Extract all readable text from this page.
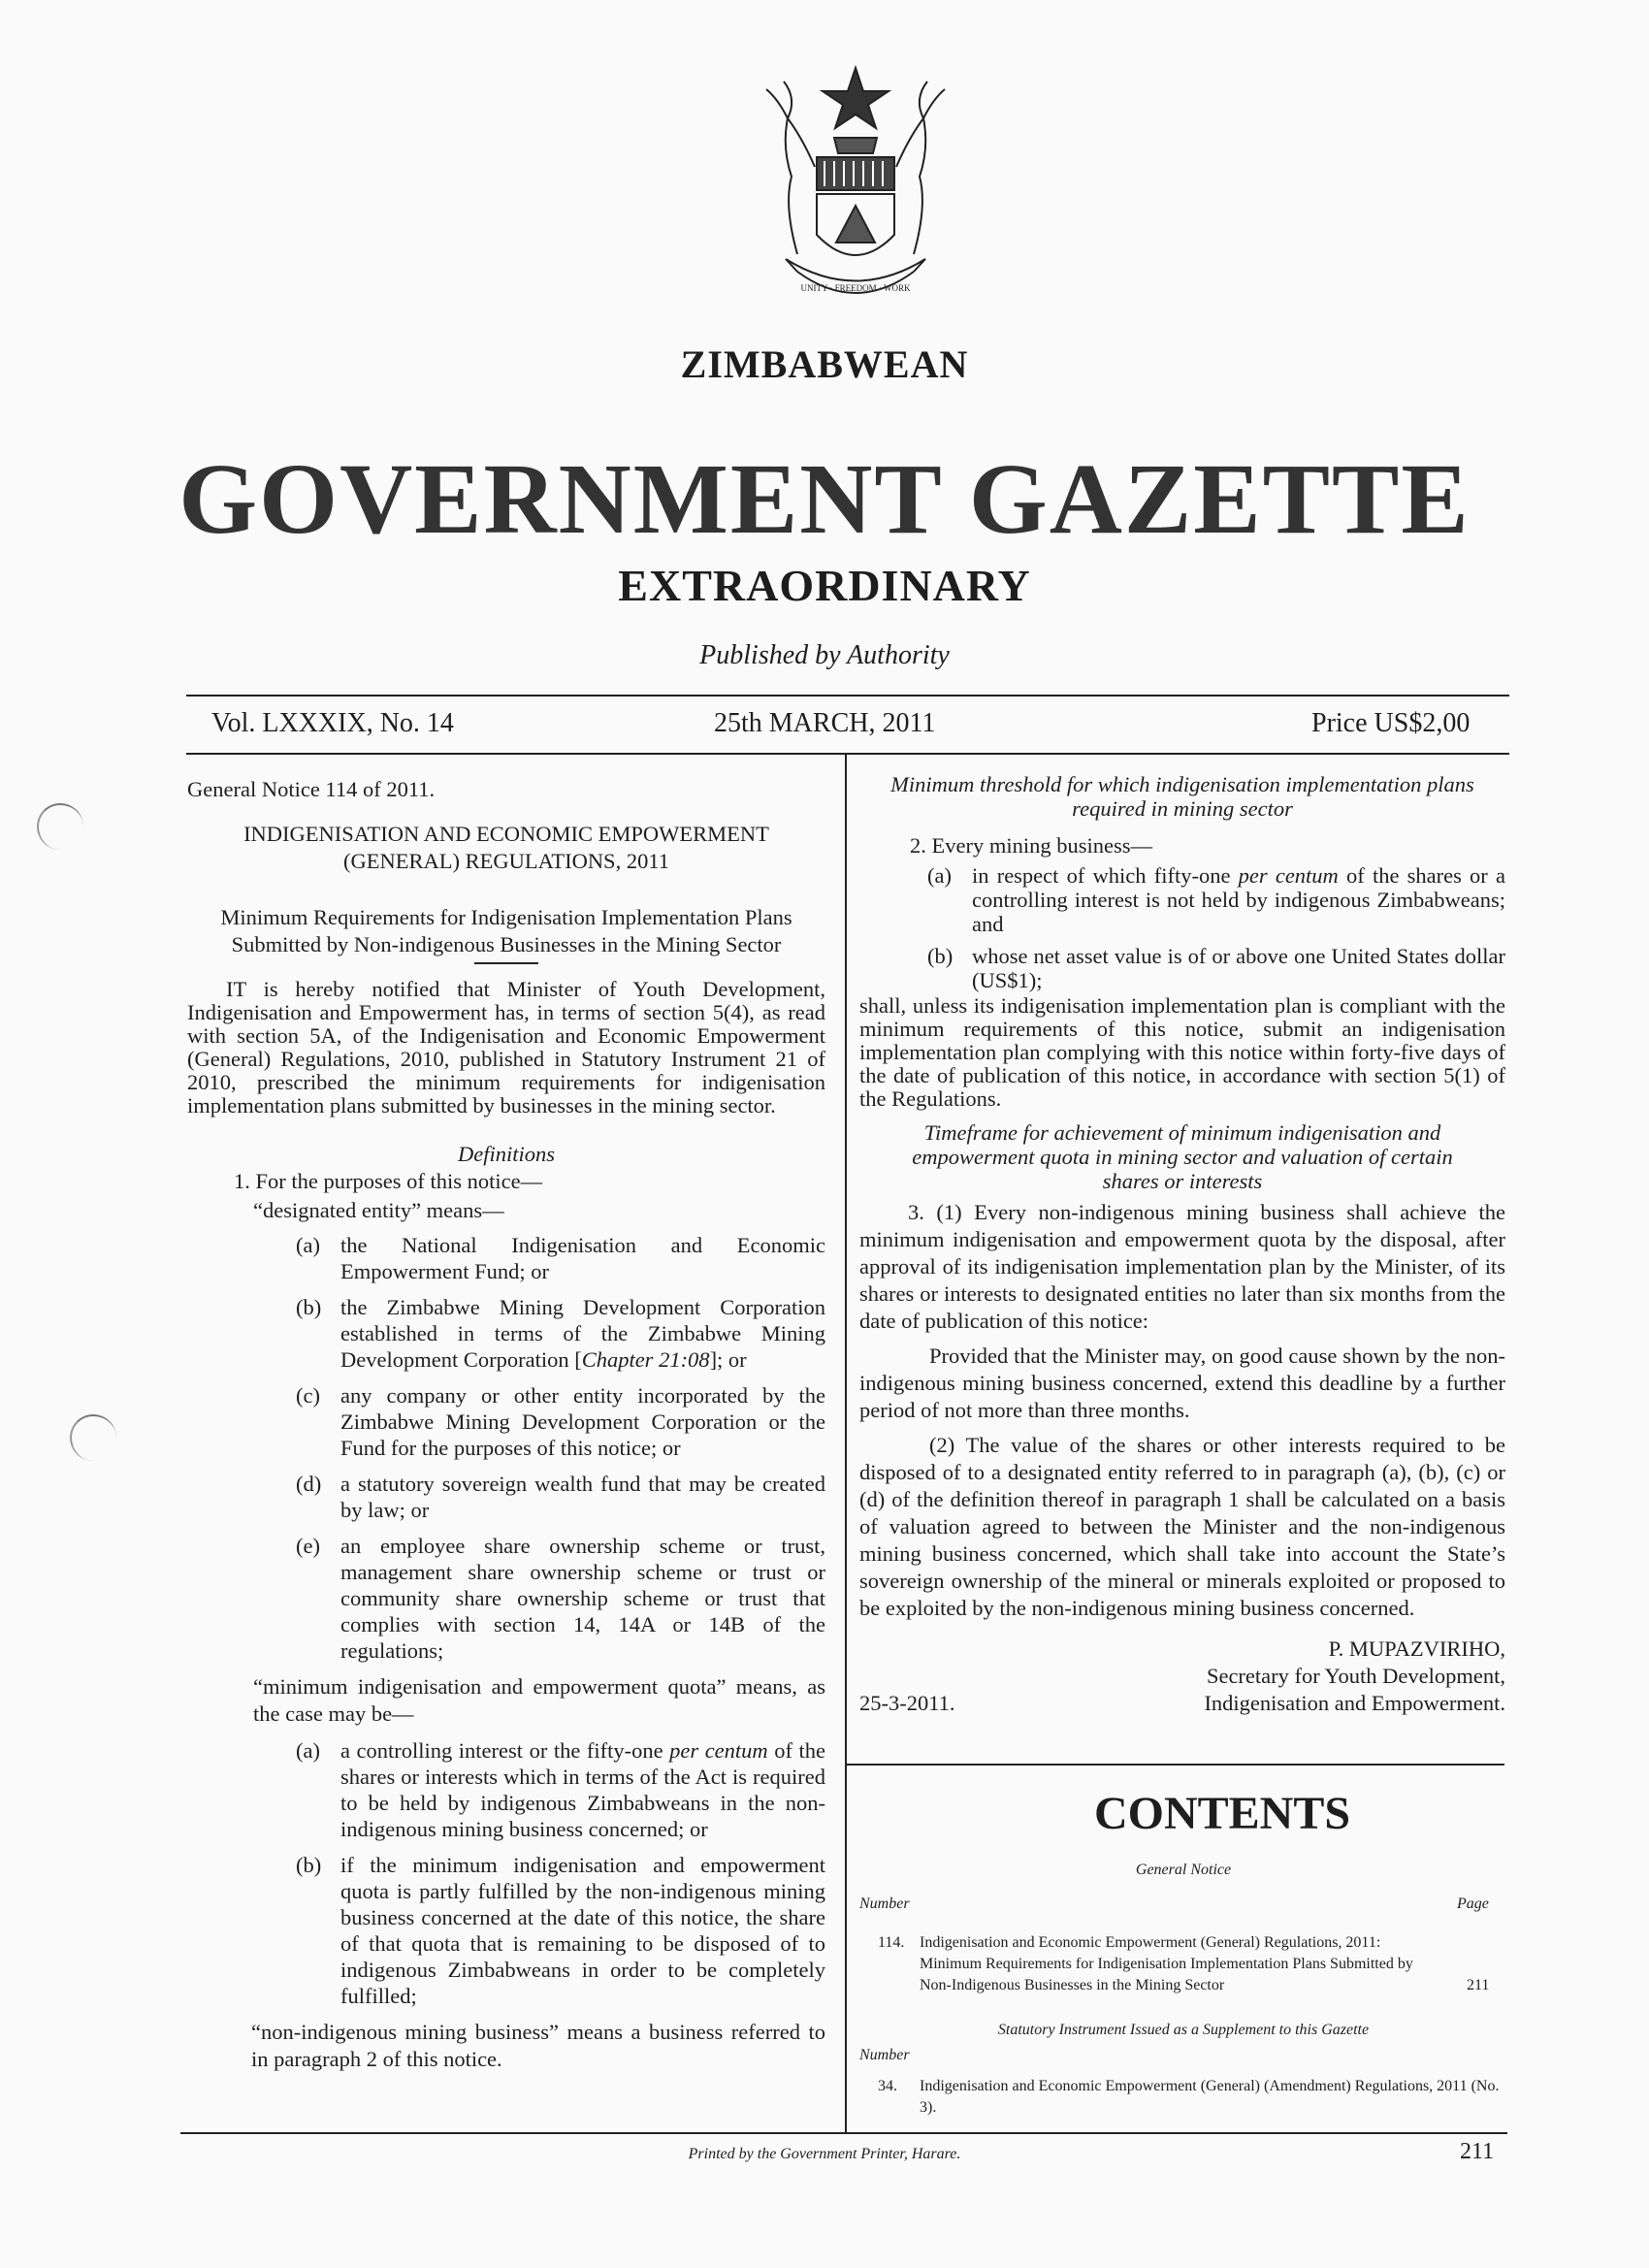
UNITY · FREEDOM · WORK
ZIMBABWEAN
GOVERNMENT GAZETTE
EXTRAORDINARY
Published by Authority
Vol. LXXXIX, No. 14	25th MARCH, 2011	Price US$2,00

General Notice 114 of 2011.

INDIGENISATION AND ECONOMIC EMPOWERMENT

(GENERAL) REGULATIONS, 2011

Minimum Requirements for Indigenisation Implementation Plans

Submitted by Non-indigenous Businesses in the Mining Sector

IT is hereby notified that Minister of Youth Development, Indigenisation and Empowerment has, in terms of section 5(4), as read with section 5A, of the Indigenisation and Economic Empowerment (General) Regulations, 2010, published in Statutory Instrument 21 of 2010, prescribed the minimum requirements for indigenisation implementation plans submitted by businesses in the mining sector.

Definitions

1. For the purposes of this notice—

“designated entity” means—

(a) the National Indigenisation and Economic Empowerment Fund; or
(b) the Zimbabwe Mining Development Corporation established in terms of the Zimbabwe Mining Development Corporation [Chapter 21:08]; or
(c) any company or other entity incorporated by the Zimbabwe Mining Development Corporation or the Fund for the purposes of this notice; or
(d) a statutory sovereign wealth fund that may be created by law; or
(e) an employee share ownership scheme or trust, management share ownership scheme or trust or community share ownership scheme or trust that complies with section 14, 14A or 14B of the regulations;

“minimum indigenisation and empowerment quota” means, as the case may be—

(a) a controlling interest or the fifty-one per centum of the shares or interests which in terms of the Act is required to be held by indigenous Zimbabweans in the non-indigenous mining business concerned; or
(b) if the minimum indigenisation and empowerment quota is partly fulfilled by the non-indigenous mining business concerned at the date of this notice, the share of that quota that is remaining to be disposed of to indigenous Zimbabweans in order to be completely fulfilled;

“non-indigenous mining business” means a business referred to in paragraph 2 of this notice.

Minimum threshold for which indigenisation implementation plans required in mining sector

2. Every mining business—

(a) in respect of which fifty-one per centum of the shares or a controlling interest is not held by indigenous Zimbabweans; and
(b) whose net asset value is of or above one United States dollar (US$1);

shall, unless its indigenisation implementation plan is compliant with the minimum requirements of this notice, submit an indigenisation implementation plan complying with this notice within forty-five days of the date of publication of this notice, in accordance with section 5(1) of the Regulations.

Timeframe for achievement of minimum indigenisation and empowerment quota in mining sector and valuation of certain shares or interests

3. (1) Every non-indigenous mining business shall achieve the minimum indigenisation and empowerment quota by the disposal, after approval of its indigenisation implementation plan by the Minister, of its shares or interests to designated entities no later than six months from the date of publication of this notice:

Provided that the Minister may, on good cause shown by the non-indigenous mining business concerned, extend this deadline by a further period of not more than three months.

(2) The value of the shares or other interests required to be disposed of to a designated entity referred to in paragraph (a), (b), (c) or (d) of the definition thereof in paragraph 1 shall be calculated on a basis of valuation agreed to between the Minister and the non-indigenous mining business concerned, which shall take into account the State’s sovereign ownership of the mineral or minerals exploited or proposed to be exploited by the non-indigenous mining business concerned.

P. MUPAZVIRIHO,

Secretary for Youth Development,

25-3-2011.	Indigenisation and Empowerment.
CONTENTS
General Notice
Number	Page
114. Indigenisation and Economic Empowerment (General) Regulations, 2011: Minimum Requirements for Indigenisation Implementation Plans Submitted by Non-Indigenous Businesses in the Mining Sector	211
Statutory Instrument Issued as a Supplement to this Gazette
Number
34.	Indigenisation and Economic Empowerment (General) (Amendment) Regulations, 2011 (No. 3).
Printed by the Government Printer, Harare.	211
